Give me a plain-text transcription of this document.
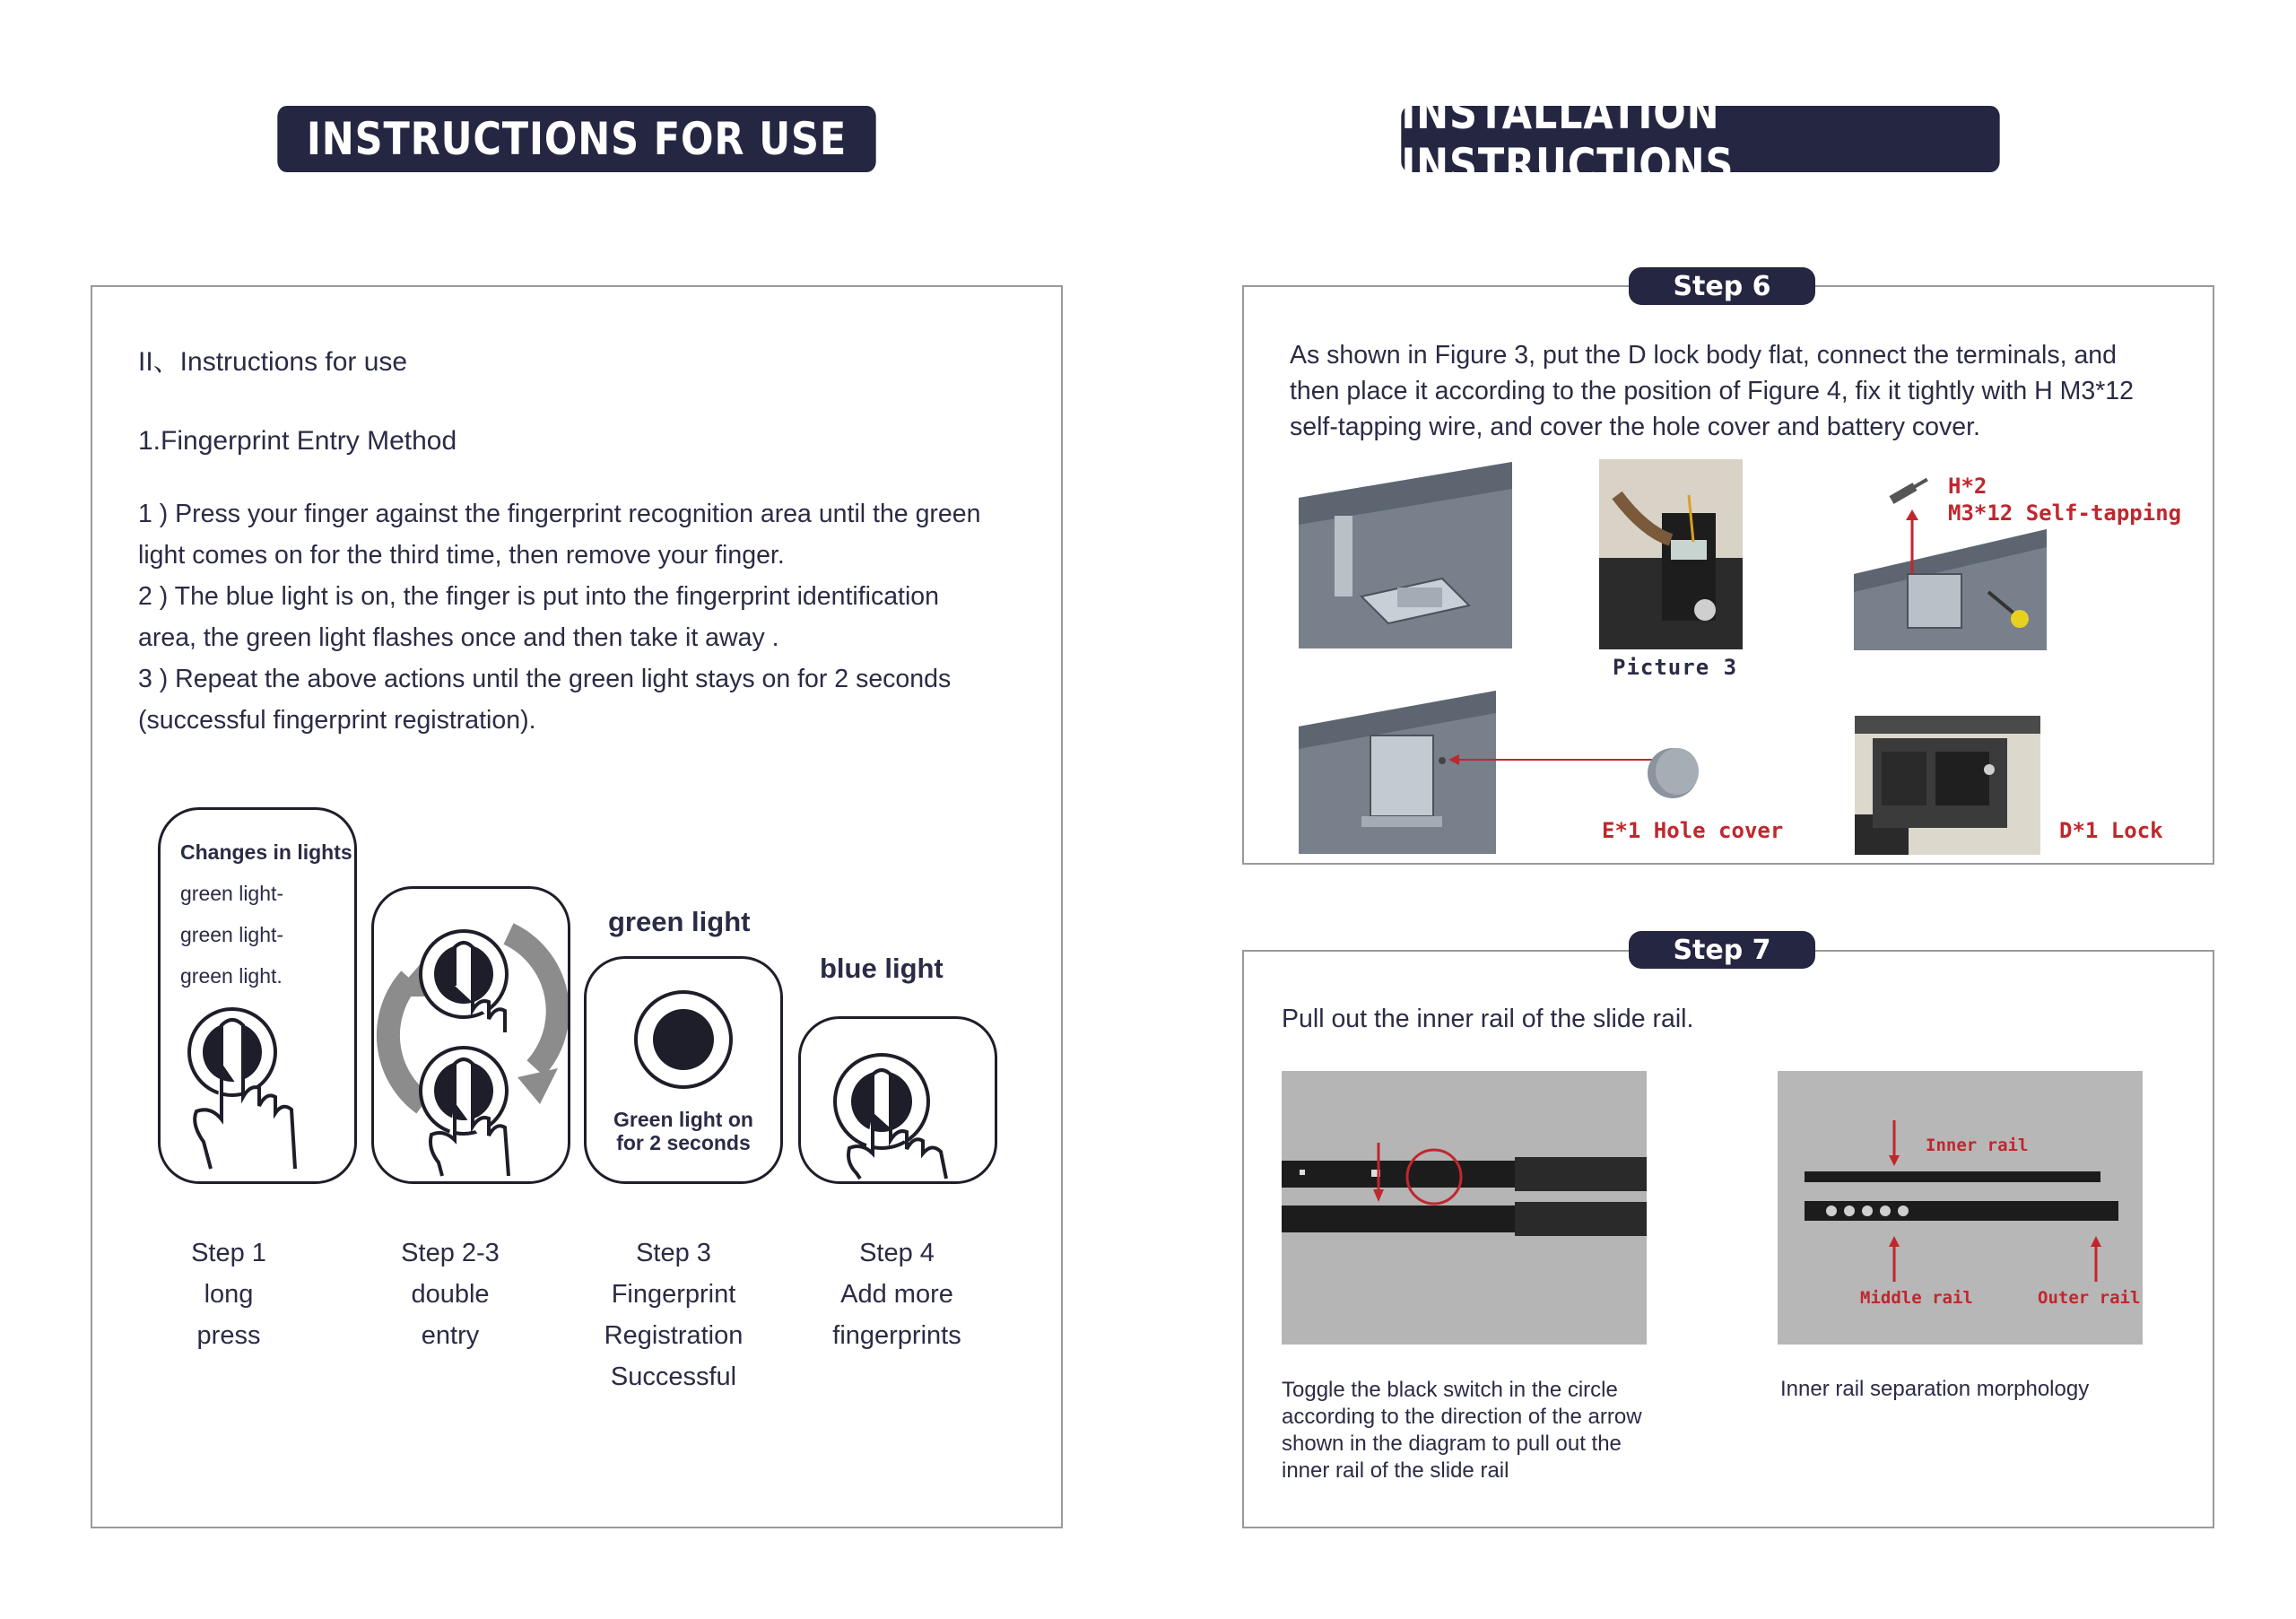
INSTRUCTIONS FOR USE	INSTALLATION INSTRUCTIONS
II、Instructions for use
1.Fingerprint Entry Method
1 ) Press your finger against the fingerprint recognition area until the green
light comes on for the third time, then remove your finger.
2 ) The blue light is on, the finger is put into the fingerprint identification
area, the green light flashes once and then take it away .
3 ) Repeat the above actions until the green light stays on for 2 seconds
(successful fingerprint registration).
Changes in lights
green light-
green light-
green light.
green light
Green light on
for 2 seconds
blue light
Step 1
long
press
Step 2-3
double
entry
Step 3
Fingerprint
Registration
Successful
Step 4
Add more
fingerprints
Step 6
As shown in Figure 3, put the D lock body flat, connect the terminals, and
then place it according to the position of Figure 4, fix it tightly with H M3*12
self-tapping wire, and cover the hole cover and battery cover.
Picture 3
H*2
M3*12 Self-tapping
E*1 Hole cover	D*1 Lock
Step 7
Pull out the inner rail of the slide rail.
Toggle the black switch in the circle
according to the direction of the arrow
shown in the diagram to pull out the
inner rail of the slide rail
Inner rail
Middle rail	Outer rail
Inner rail separation morphology
